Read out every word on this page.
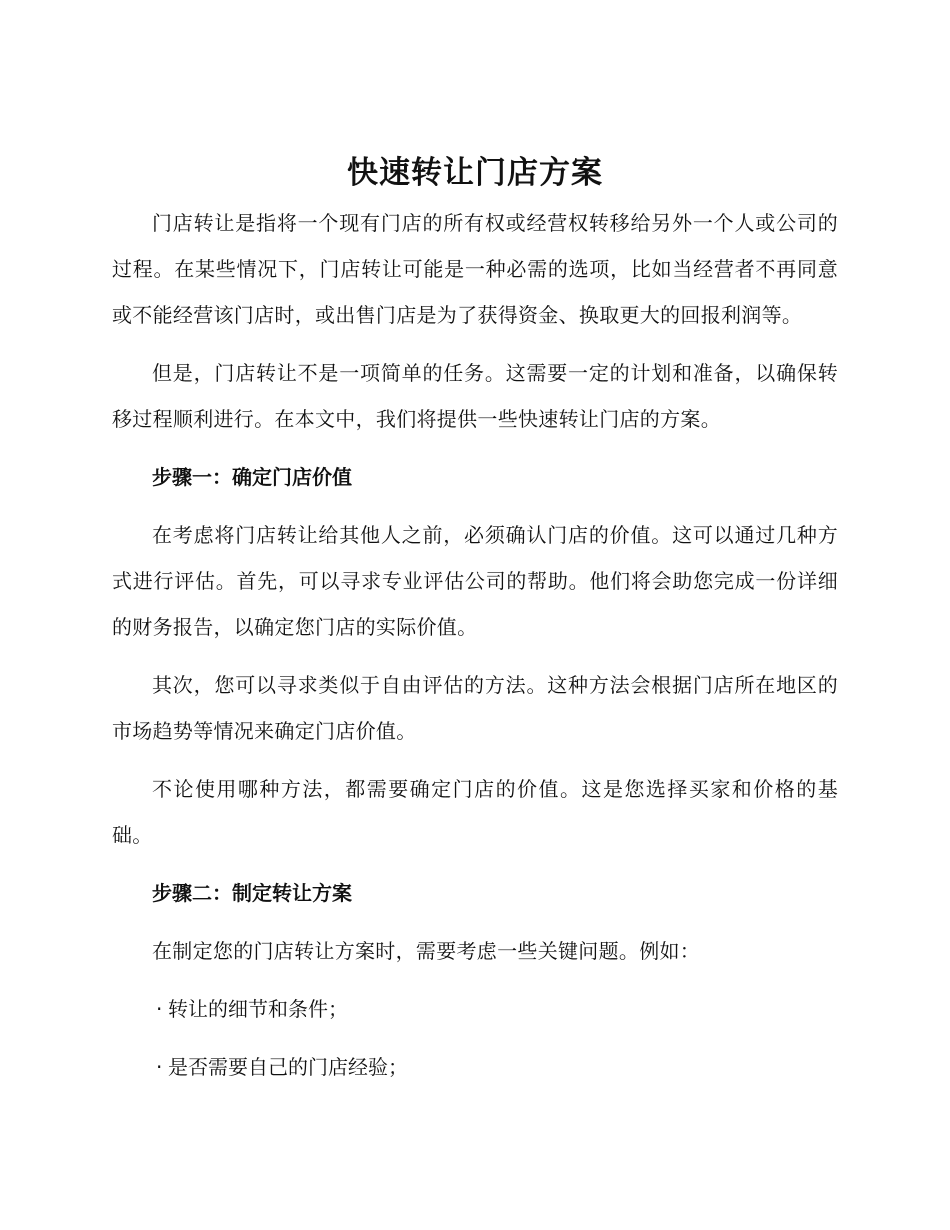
快速转让门店方案

门店转让是指将一个现有门店的所有权或经营权转移给另外一个人或公司的过程。在某些情况下，门店转让可能是一种必需的选项，比如当经营者不再同意或不能经营该门店时，或出售门店是为了获得资金、换取更大的回报利润等。

但是，门店转让不是一项简单的任务。这需要一定的计划和准备，以确保转移过程顺利进行。在本文中，我们将提供一些快速转让门店的方案。

步骤一：确定门店价值

在考虑将门店转让给其他人之前，必须确认门店的价值。这可以通过几种方式进行评估。首先，可以寻求专业评估公司的帮助。他们将会助您完成一份详细的财务报告，以确定您门店的实际价值。

其次，您可以寻求类似于自由评估的方法。这种方法会根据门店所在地区的市场趋势等情况来确定门店价值。

不论使用哪种方法，都需要确定门店的价值。这是您选择买家和价格的基础。

步骤二：制定转让方案

在制定您的门店转让方案时，需要考虑一些关键问题。例如：

· 转让的细节和条件；

· 是否需要自己的门店经验；
